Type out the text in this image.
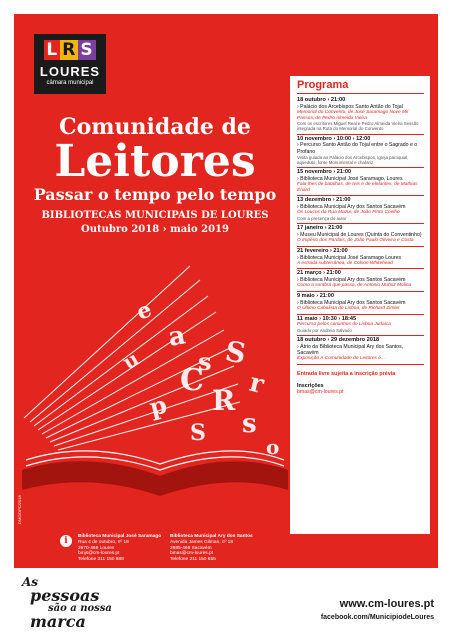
L R S
LOURES
câmara municipal
Comunidade de
Leitores
Passar o tempo pelo tempo
BIBLIOTECAS MUNICIPAIS DE LOURES
Outubro 2018 › maio 2019
e
a
s S
r
C
R
s
p
S
u
o
Programa
18 outubro › 21:00
› Palácio dos Arcebispos Santo Antão do Tojal
Memorial do Convento, de José Saramago Nove Mil Passos, de Pedro Almeida Vieira
Com os escritores Miguel Real e Pedro Almeida Vieira Sessão integrada na Rota do Memorial do Convento
10 novembro › 10:00 › 12:00
› Percurso Santo Antão do Tojal entre o Sagrado e o Profano
Visita guiada ao Palácio dos Arcebispos, igreja paroquial, aqueduto, fonte Monumental e chafariz
15 novembro › 21:00
› Biblioteca Municipal José Saramago, Loures
Fala-lhes de batalhas, de reis e de elefantes, de Mathias Énard
13 dezembro › 21:00
› Biblioteca Municipal Ary dos Santos Sacavém
Os Loucos da Rua Mazur, de João Pinto Coelho
Com a presença do autor
17 janeiro › 21:00
› Museu Municipal de Loures (Quinta do Conventinho)
O Império dos Pardais, de João Paulo Oliveira e Costa
21 fevereiro › 21:00
› Biblioteca Municipal José Saramago Loures
A estrada subterrânea, de Colson Whitehead
21 março › 21:00
› Biblioteca Municipal Ary dos Santos Sacavém
Como a sombra que passa, de Antonio Muñoz Molina
9 maio › 21:00
› Biblioteca Municipal Ary dos Santos Sacavém
O Último Cabalista de Lisboa, de Richard Zimler
11 maio › 10:30 › 18:45
Percurso pelos caminhos do Lisboa Judaica
Guiado por Andreia Salvado
18 outubro › 29 dezembro 2018
› Átrio da Biblioteca Municipal Ary dos Santos, Sacavém
Exposição A Comunidade de Leitores é...
Entrada livre sujeita a inscrição prévia
Inscrições
bmas@cm-loures.pt
DMC/DPC/2018
i	Biblioteca Municipal José Saramago
Rua 4 de outubro, nº 19
2670-466 Loures
bmjs@cm-loures.pt
Telefone 211 150 888
Biblioteca Municipal Ary dos Santos
Avenida James Gilman, nº 18
2685-466 Sacavém
bmas@cm-loures.pt
Telefone 211 150 655
As
pessoas
são a nossa
marca
www.cm-loures.pt
facebook.com/MunicipiodeLoures
